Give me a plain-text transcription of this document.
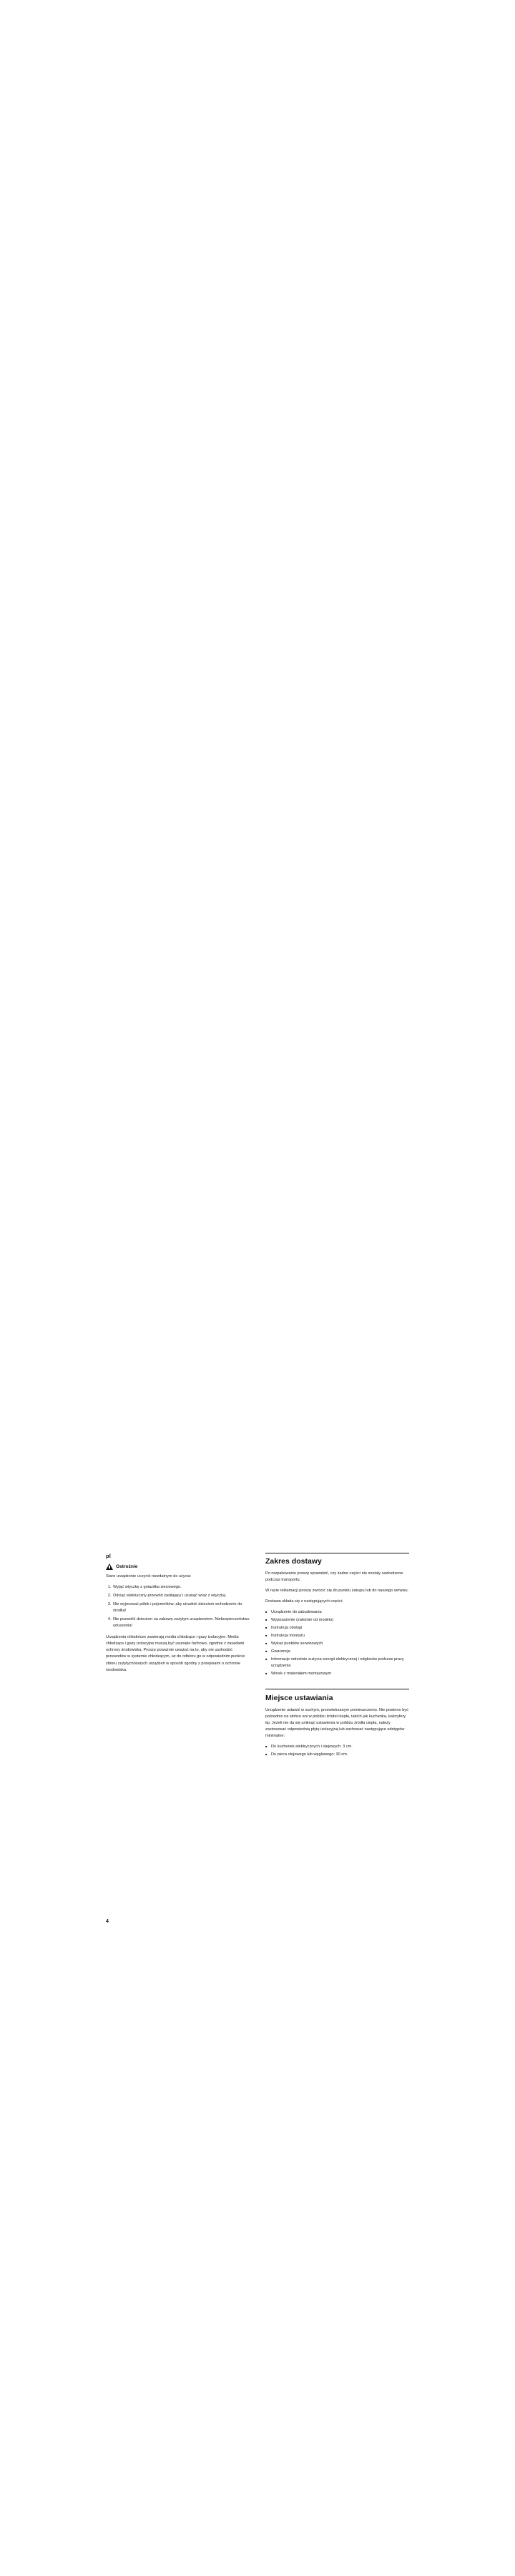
pl
Ostrożnie

Stare urządzenie uczynić niezdatnym do użycia:

1. Wyjąć wtyczkę z gniazdka sieciowego.
2. Odciąć elektryczny przewód zasilający i usunąć wraz z wtyczką.
3. Nie wyjmować półek i pojemników, aby utrudnić dzieciom wchodzenie do środka!
4. Nie pozwolić dzieciom na zabawę zużytym urządzeniem. Niebezpieczeństwo uduszenia!

Urządzenia chłodnicze zawierają media chłodzące i gazy izolacyjne. Media chłodzące i gazy izolacyjne muszą być usunięte fachowo, zgodnie z zasadami ochrony środowiska. Proszę poważnie uważać na to, aby nie uszkodzić przewodów w systemie chłodzącym, aż do odbioru go w odpowiednim punkcie zbioru zużytych/starych urządzeń w sposób zgodny z przepisami o ochronie środowiska.

Zakres dostawy

Po rozpakowaniu proszę sprawdzić, czy żadne części nie zostały uszkodzone podczas transportu.

W razie reklamacji proszę zwrócić się do punktu zakupu lub do naszego serwisu.

Dostawa składa się z następujących części:

■ Urządzenie do zabudowania
■ Wyposażenie (zależnie od modelu)
■ Instrukcja obsługi
■ Instrukcja montażu
■ Wykaz punktów serwisowych
■ Gwarancja
■ Informacje odnośnie zużycia energii elektrycznej i odgłosów podczas pracy urządzenia
■ Worek z materiałem montażowym
Miejsce ustawiania

Urządzenie ustawić w suchym, przewietrzanym pomieszczeniu. Nie powinno być pośrednio na słońce ani w pobliżu źródeł ciepła, takich jak kuchenka, kaloryfery itp. Jeżeli nie da się uniknąć ustawienia w pobliżu źródła ciepła, należy zastosować odpowiednią płytę izolacyjną lub zachować następujące odstępów minimalne:

■ Do kuchenek elektrycznych i olejowych: 3 cm.
■ Do pieca olejowego lub węglowego: 30 cm.
4
